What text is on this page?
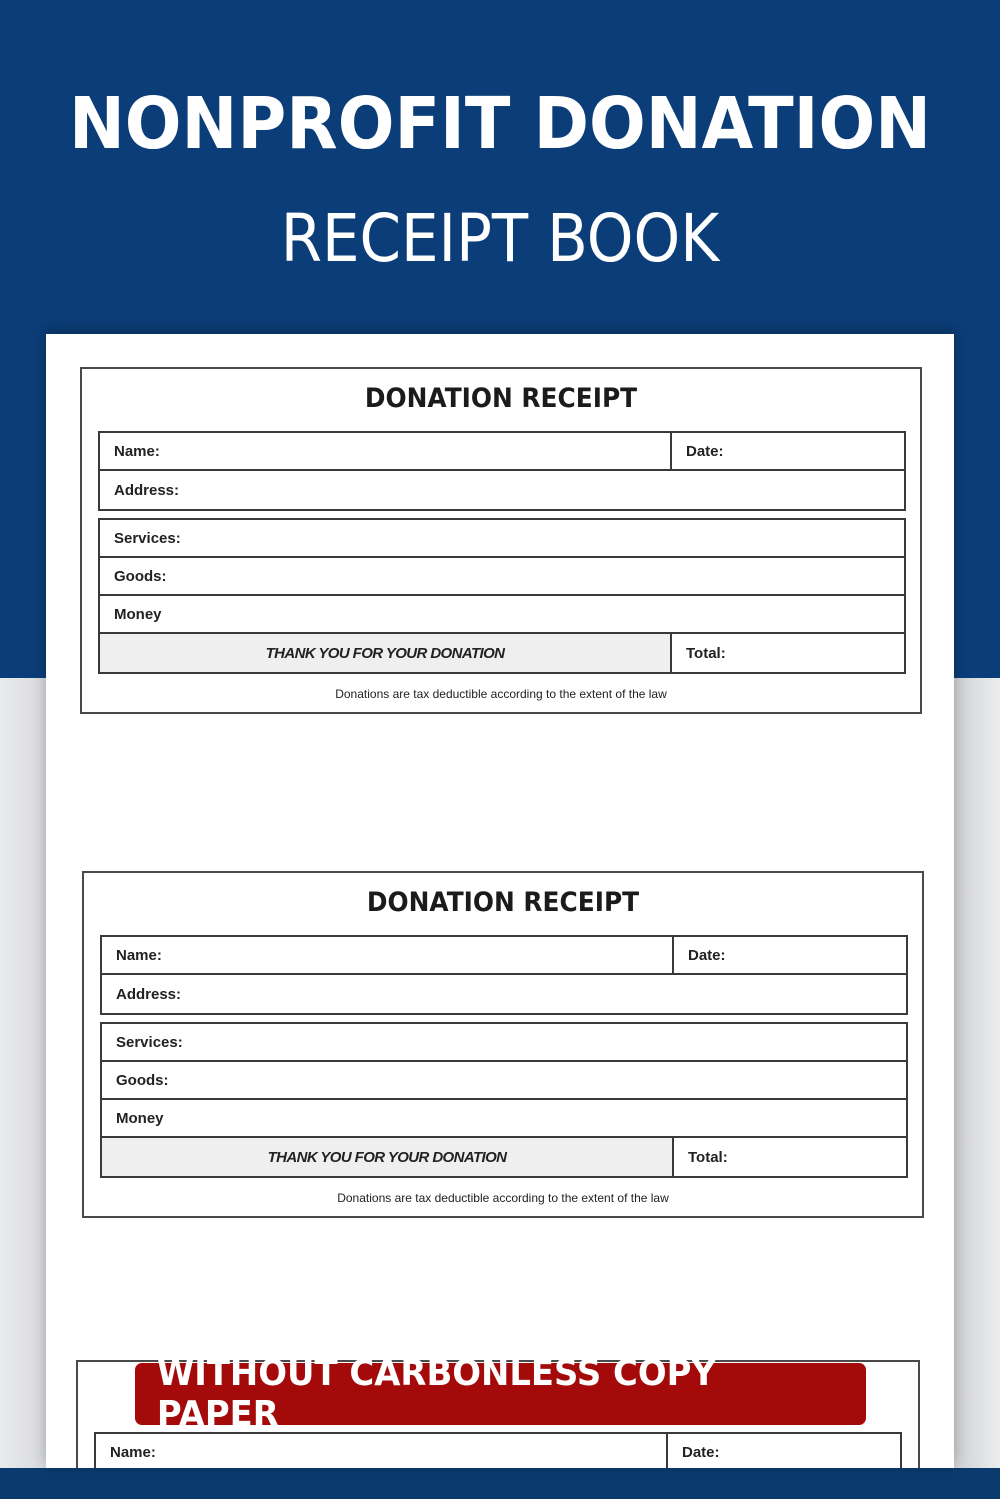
NONPROFIT DONATION
RECEIPT BOOK
DONATION RECEIPT
Name:	Date:
Address:
Services:
Goods:
Money
THANK YOU FOR YOUR DONATION	Total:
Donations are tax deductible according to the extent of the law
DONATION RECEIPT
Name:	Date:
Address:
Services:
Goods:
Money
THANK YOU FOR YOUR DONATION	Total:
Donations are tax deductible according to the extent of the law
Name:	Date:
WITHOUT CARBONLESS COPY PAPER
